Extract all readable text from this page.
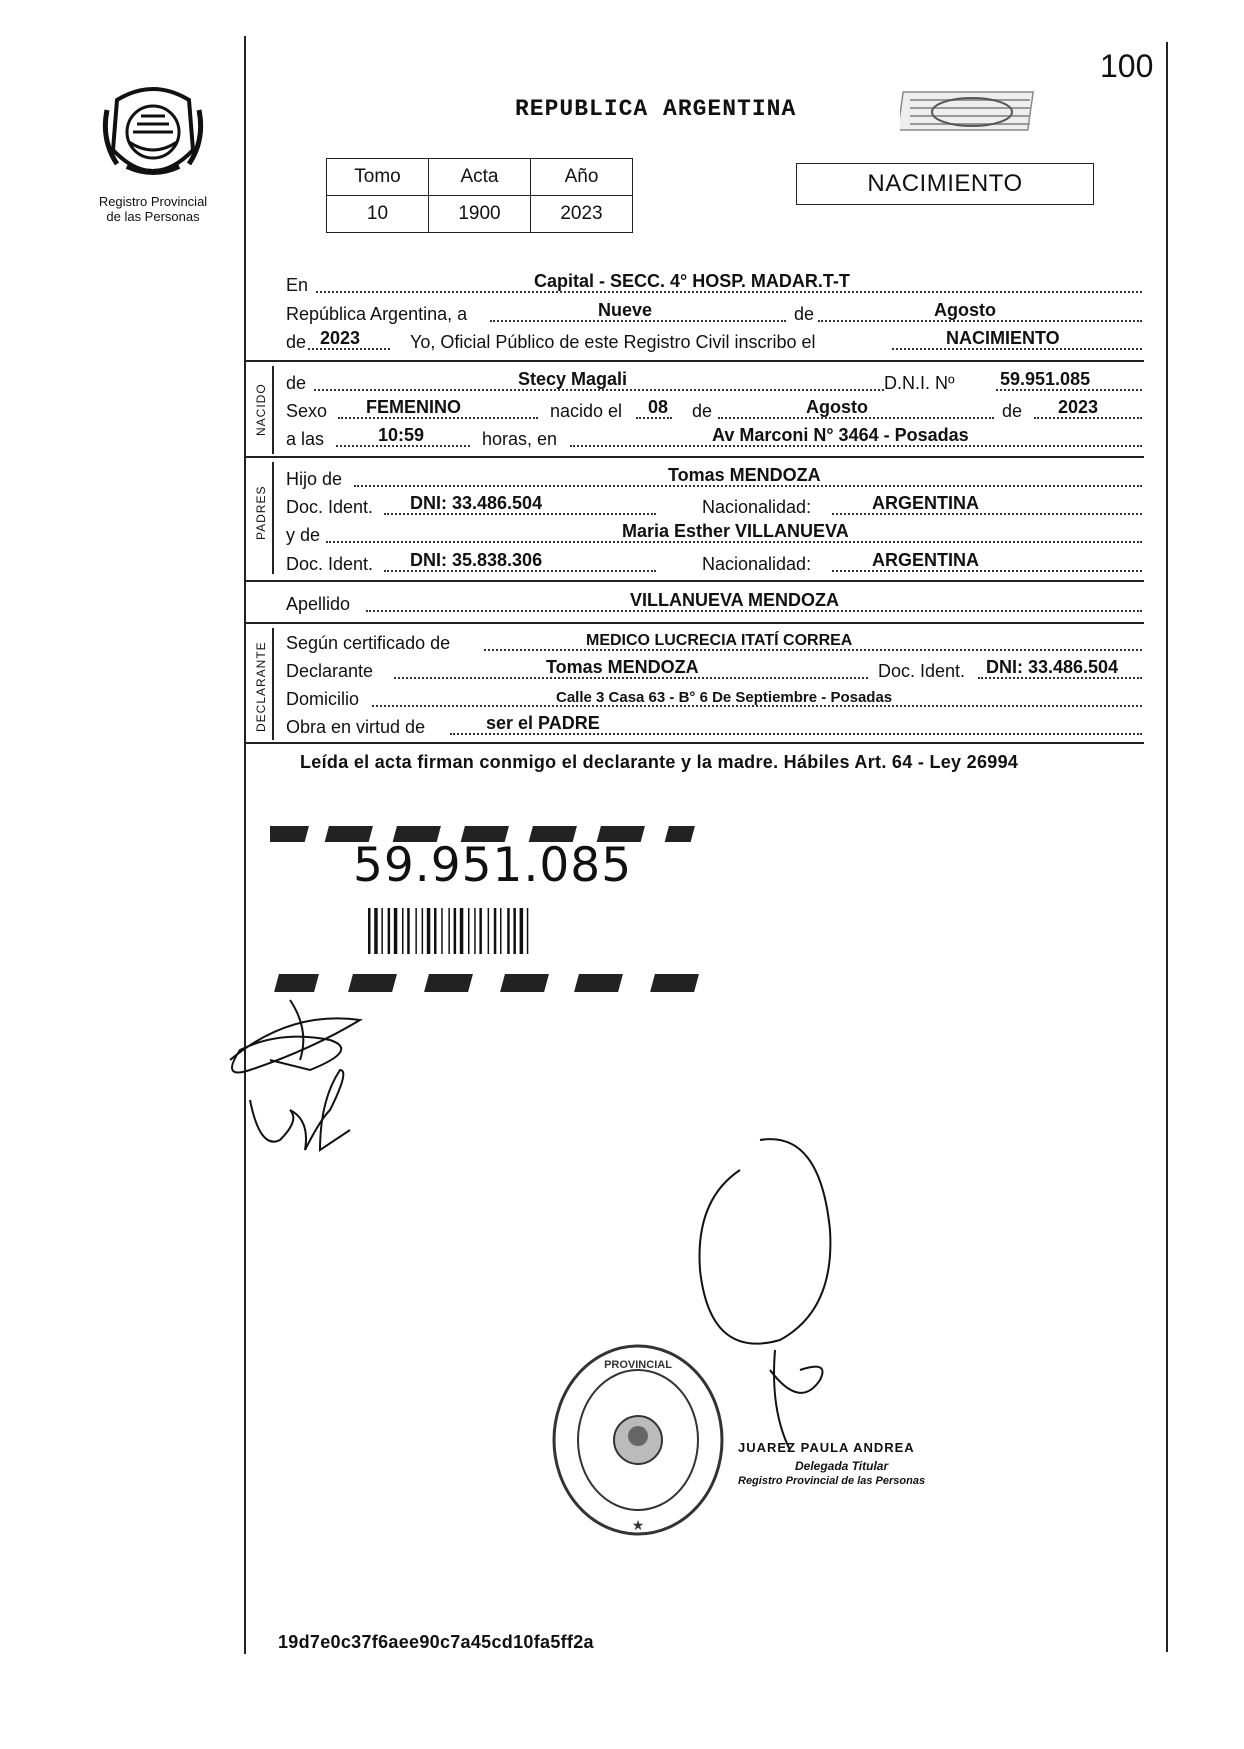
100
Registro Provincial
de las Personas
REPUBLICA ARGENTINA
Tomo	Acta	Año
10	1900	2023
NACIMIENTO
En	Capital - SECC. 4° HOSP. MADAR.T-T
República Argentina, a	Nueve	de	Agosto
de 2023	Yo, Oficial Público de este Registro Civil inscribo el	NACIMIENTO
NACIDO
de	Stecy Magali	D.N.I. Nº	59.951.085
Sexo FEMENINO	nacido el 08 de	Agosto	de 2023
a las	10:59	horas, en	Av Marconi N° 3464 - Posadas
PADRES
Hijo de	Tomas MENDOZA
Doc. Ident. DNI: 33.486.504	Nacionalidad:	ARGENTINA
y de	Maria Esther VILLANUEVA
Doc. Ident. DNI: 35.838.306	Nacionalidad:	ARGENTINA
Apellido	VILLANUEVA MENDOZA
DECLARANTE Según certificado de	MEDICO LUCRECIA ITATÍ CORREA
Declarante	Tomas MENDOZA	Doc. Ident. DNI: 33.486.504
Domicilio	Calle 3 Casa 63 - B° 6 De Septiembre - Posadas
Obra en virtud de	ser el PADRE
Leída el acta firman conmigo el declarante y la madre. Hábiles Art. 64 - Ley 26994
59.951.085
PROVINCIAL
★
JUAREZ PAULA ANDREA
Delegada Titular
Registro Provincial de las Personas
19d7e0c37f6aee90c7a45cd10fa5ff2a
